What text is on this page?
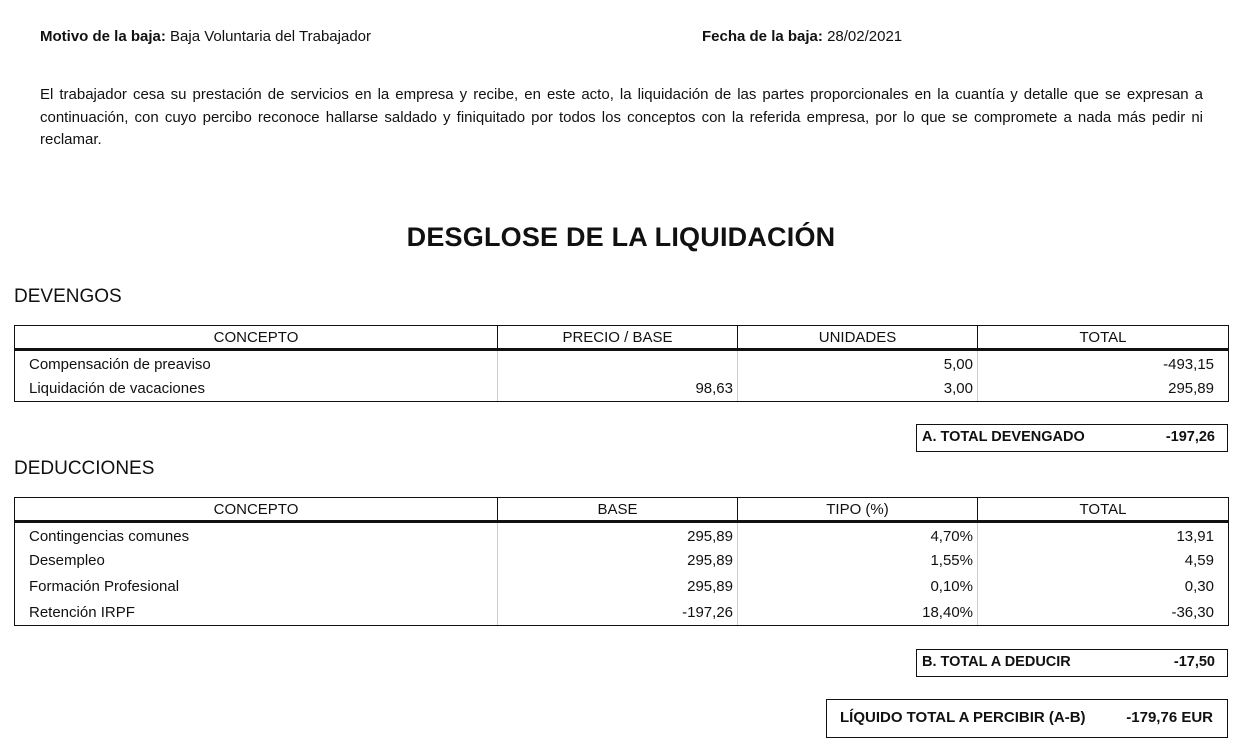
Motivo de la baja: Baja Voluntaria del Trabajador	Fecha de la baja: 28/02/2021

El trabajador cesa su prestación de servicios en la empresa y recibe, en este acto, la liquidación de las partes proporcionales en la cuantía y detalle que se expresan a continuación, con cuyo percibo reconoce hallarse saldado y finiquitado por todos los conceptos con la referida empresa, por lo que se compromete a nada más pedir ni reclamar.

DESGLOSE DE LA LIQUIDACIÓN
DEVENGOS
CONCEPTO	PRECIO / BASE	UNIDADES	TOTAL
Compensación de preaviso		5,00	-493,15
Liquidación de vacaciones	98,63	3,00	295,89
A. TOTAL DEVENGADO	-197,26
DEDUCCIONES
CONCEPTO	BASE	TIPO (%)	TOTAL
Contingencias comunes	295,89	4,70%	13,91
Desempleo	295,89	1,55%	4,59
Formación Profesional	295,89	0,10%	0,30
Retención IRPF	-197,26	18,40%	-36,30
B. TOTAL A DEDUCIR	-17,50
LÍQUIDO TOTAL A PERCIBIR (A-B)	-179,76 EUR
